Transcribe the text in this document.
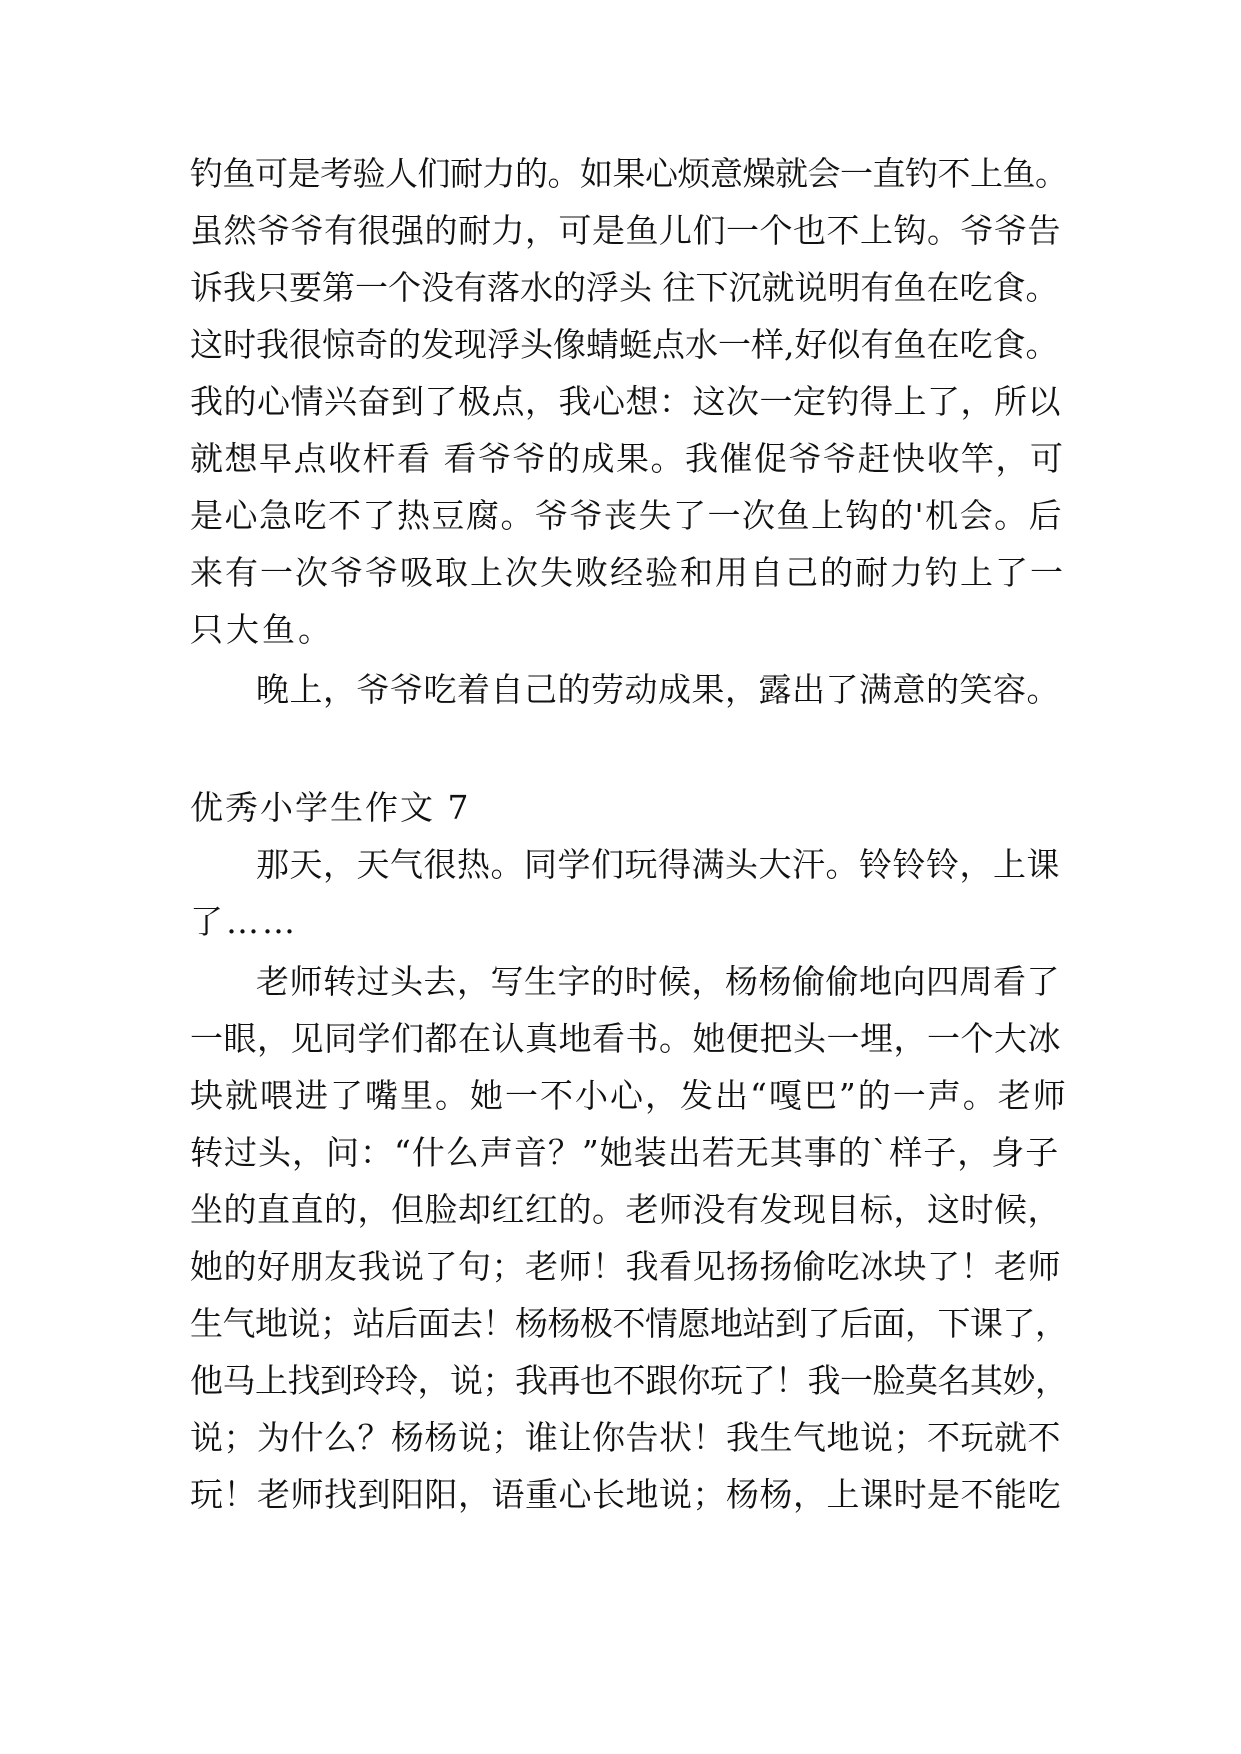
钓鱼可是考验人们耐力的。如果心烦意燥就会一直钓不上鱼。
虽然爷爷有很强的耐力，可是鱼儿们一个也不上钩。爷爷告
诉我只要第一个没有落水的浮头 往下沉就说明有鱼在吃食。
这时我很惊奇的发现浮头像蜻蜓点水一样,好似有鱼在吃食。
我的心情兴奋到了极点，我心想：这次一定钓得上了，所以
就想早点收杆看 看爷爷的成果。我催促爷爷赶快收竿，可
是心急吃不了热豆腐。爷爷丧失了一次鱼上钩的'机会。后
来有一次爷爷吸取上次失败经验和用自己的耐力钓上了一
只大鱼。
晚上，爷爷吃着自己的劳动成果，露出了满意的笑容。
优秀小学生作文 7
那天，天气很热。同学们玩得满头大汗。铃铃铃，上课
了……
老师转过头去，写生字的时候，杨杨偷偷地向四周看了
一眼，见同学们都在认真地看书。她便把头一埋，一个大冰
块就喂进了嘴里。她一不小心，发出“嘎巴”的一声。老师
转过头，问：“什么声音？”她装出若无其事的`样子，身子
坐的直直的，但脸却红红的。老师没有发现目标，这时候，
她的好朋友我说了句；老师！我看见扬扬偷吃冰块了！老师
生气地说；站后面去！杨杨极不情愿地站到了后面，下课了，
他马上找到玲玲，说；我再也不跟你玩了！我一脸莫名其妙，
说；为什么？杨杨说；谁让你告状！我生气地说；不玩就不
玩！老师找到阳阳，语重心长地说；杨杨，上课时是不能吃
